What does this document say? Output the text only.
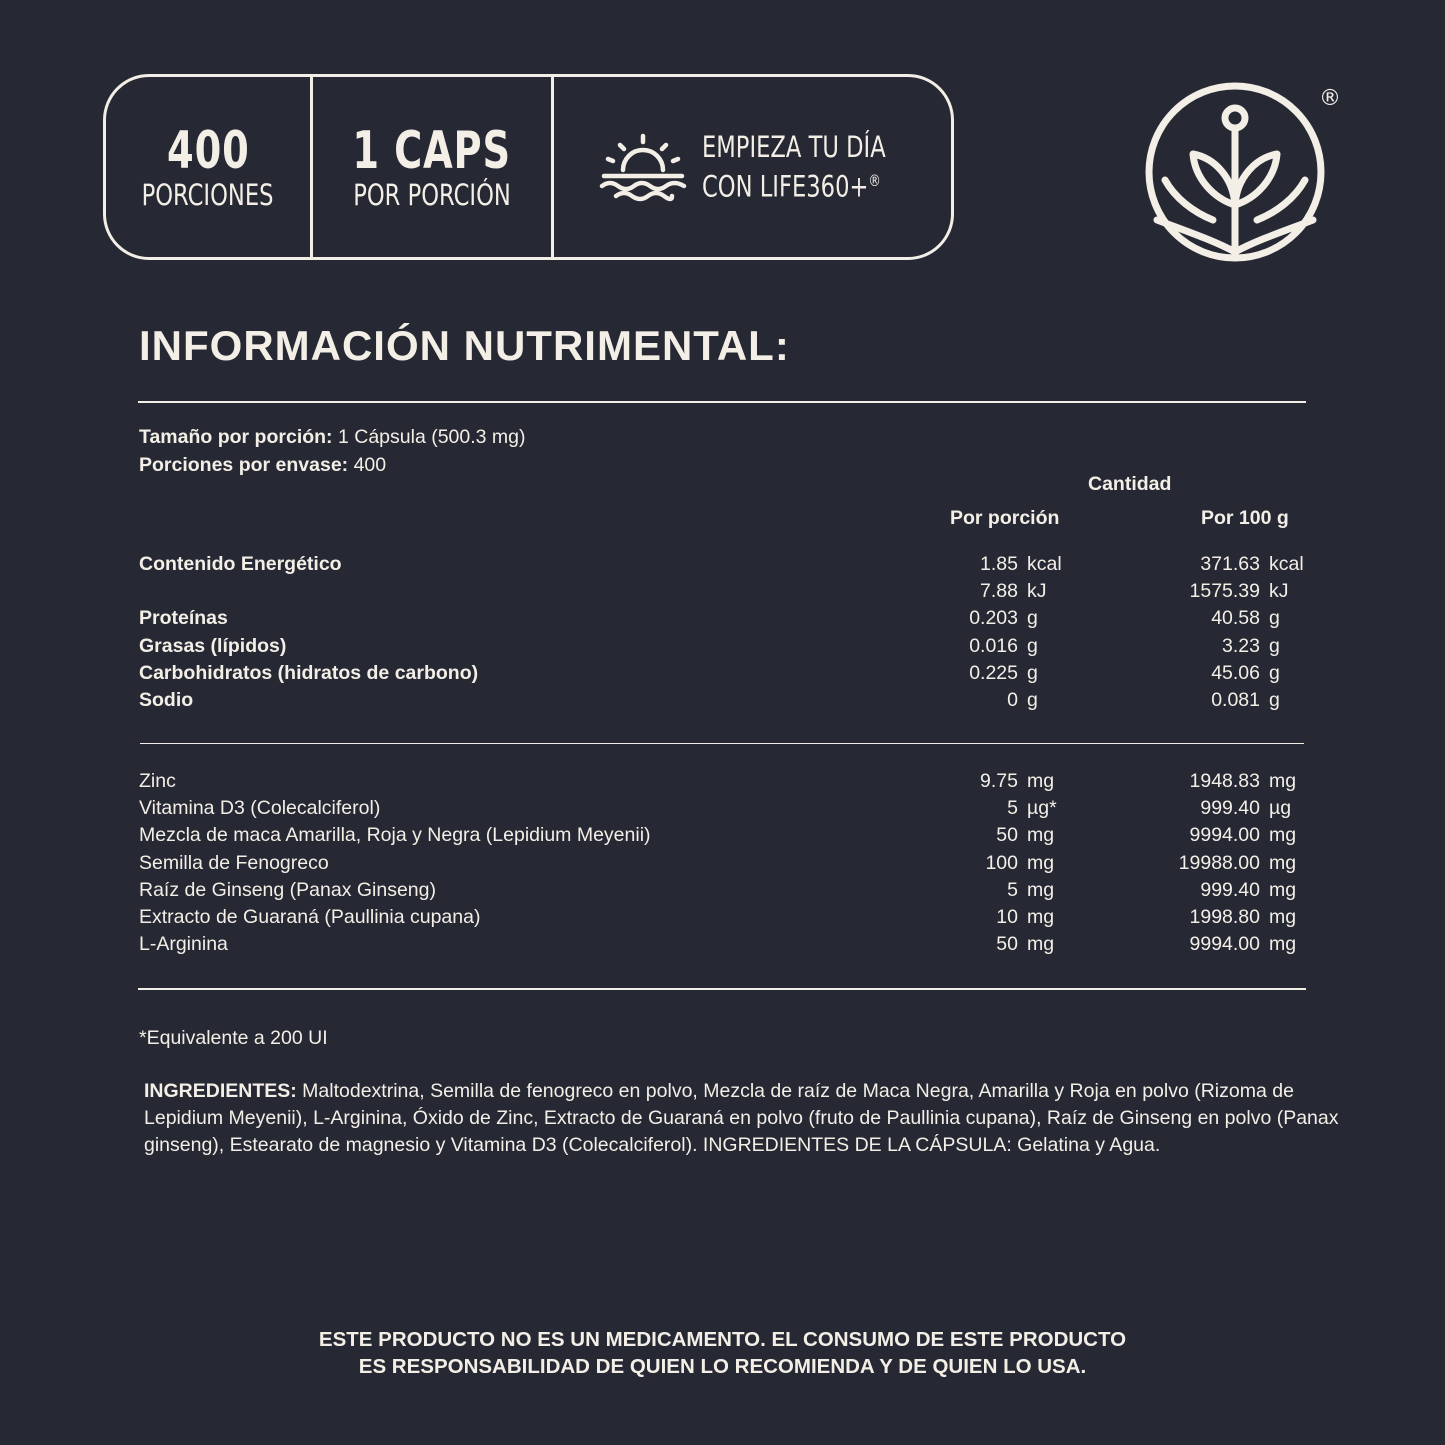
400
PORCIONES
1 CAPS
POR PORCIÓN
EMPIEZA TU DÍA
CON LIFE360+®
®
INFORMACIÓN NUTRIMENTAL:
Tamaño por porción: 1 Cápsula (500.3 mg)
Porciones por envase: 400
Cantidad
Por porción	Por 100 g
Contenido Energético	1.85 kcal	371.63 kcal
7.88 kJ	1575.39 kJ
Proteínas	0.203 g	40.58 g
Grasas (lípidos)	0.016 g	3.23 g
Carbohidratos (hidratos de carbono)	0.225 g	45.06 g
Sodio	0 g	0.081 g
Zinc	9.75 mg	1948.83 mg
Vitamina D3 (Colecalciferol)	5 µg*	999.40 µg
Mezcla de maca Amarilla, Roja y Negra (Lepidium Meyenii)	50 mg	9994.00 mg
Semilla de Fenogreco	100 mg	19988.00 mg
Raíz de Ginseng (Panax Ginseng)	5 mg	999.40 mg
Extracto de Guaraná (Paullinia cupana)	10 mg	1998.80 mg
L-Arginina	50 mg	9994.00 mg
*Equivalente a 200 UI
INGREDIENTES: Maltodextrina, Semilla de fenogreco en polvo, Mezcla de raíz de Maca Negra, Amarilla y Roja en polvo (Rizoma de Lepidium Meyenii), L-Arginina, Óxido de Zinc, Extracto de Guaraná en polvo (fruto de Paullinia cupana), Raíz de Ginseng en polvo (Panax ginseng), Estearato de magnesio y Vitamina D3 (Colecalciferol). INGREDIENTES DE LA CÁPSULA: Gelatina y Agua.
ESTE PRODUCTO NO ES UN MEDICAMENTO. EL CONSUMO DE ESTE PRODUCTO
ES RESPONSABILIDAD DE QUIEN LO RECOMIENDA Y DE QUIEN LO USA.
